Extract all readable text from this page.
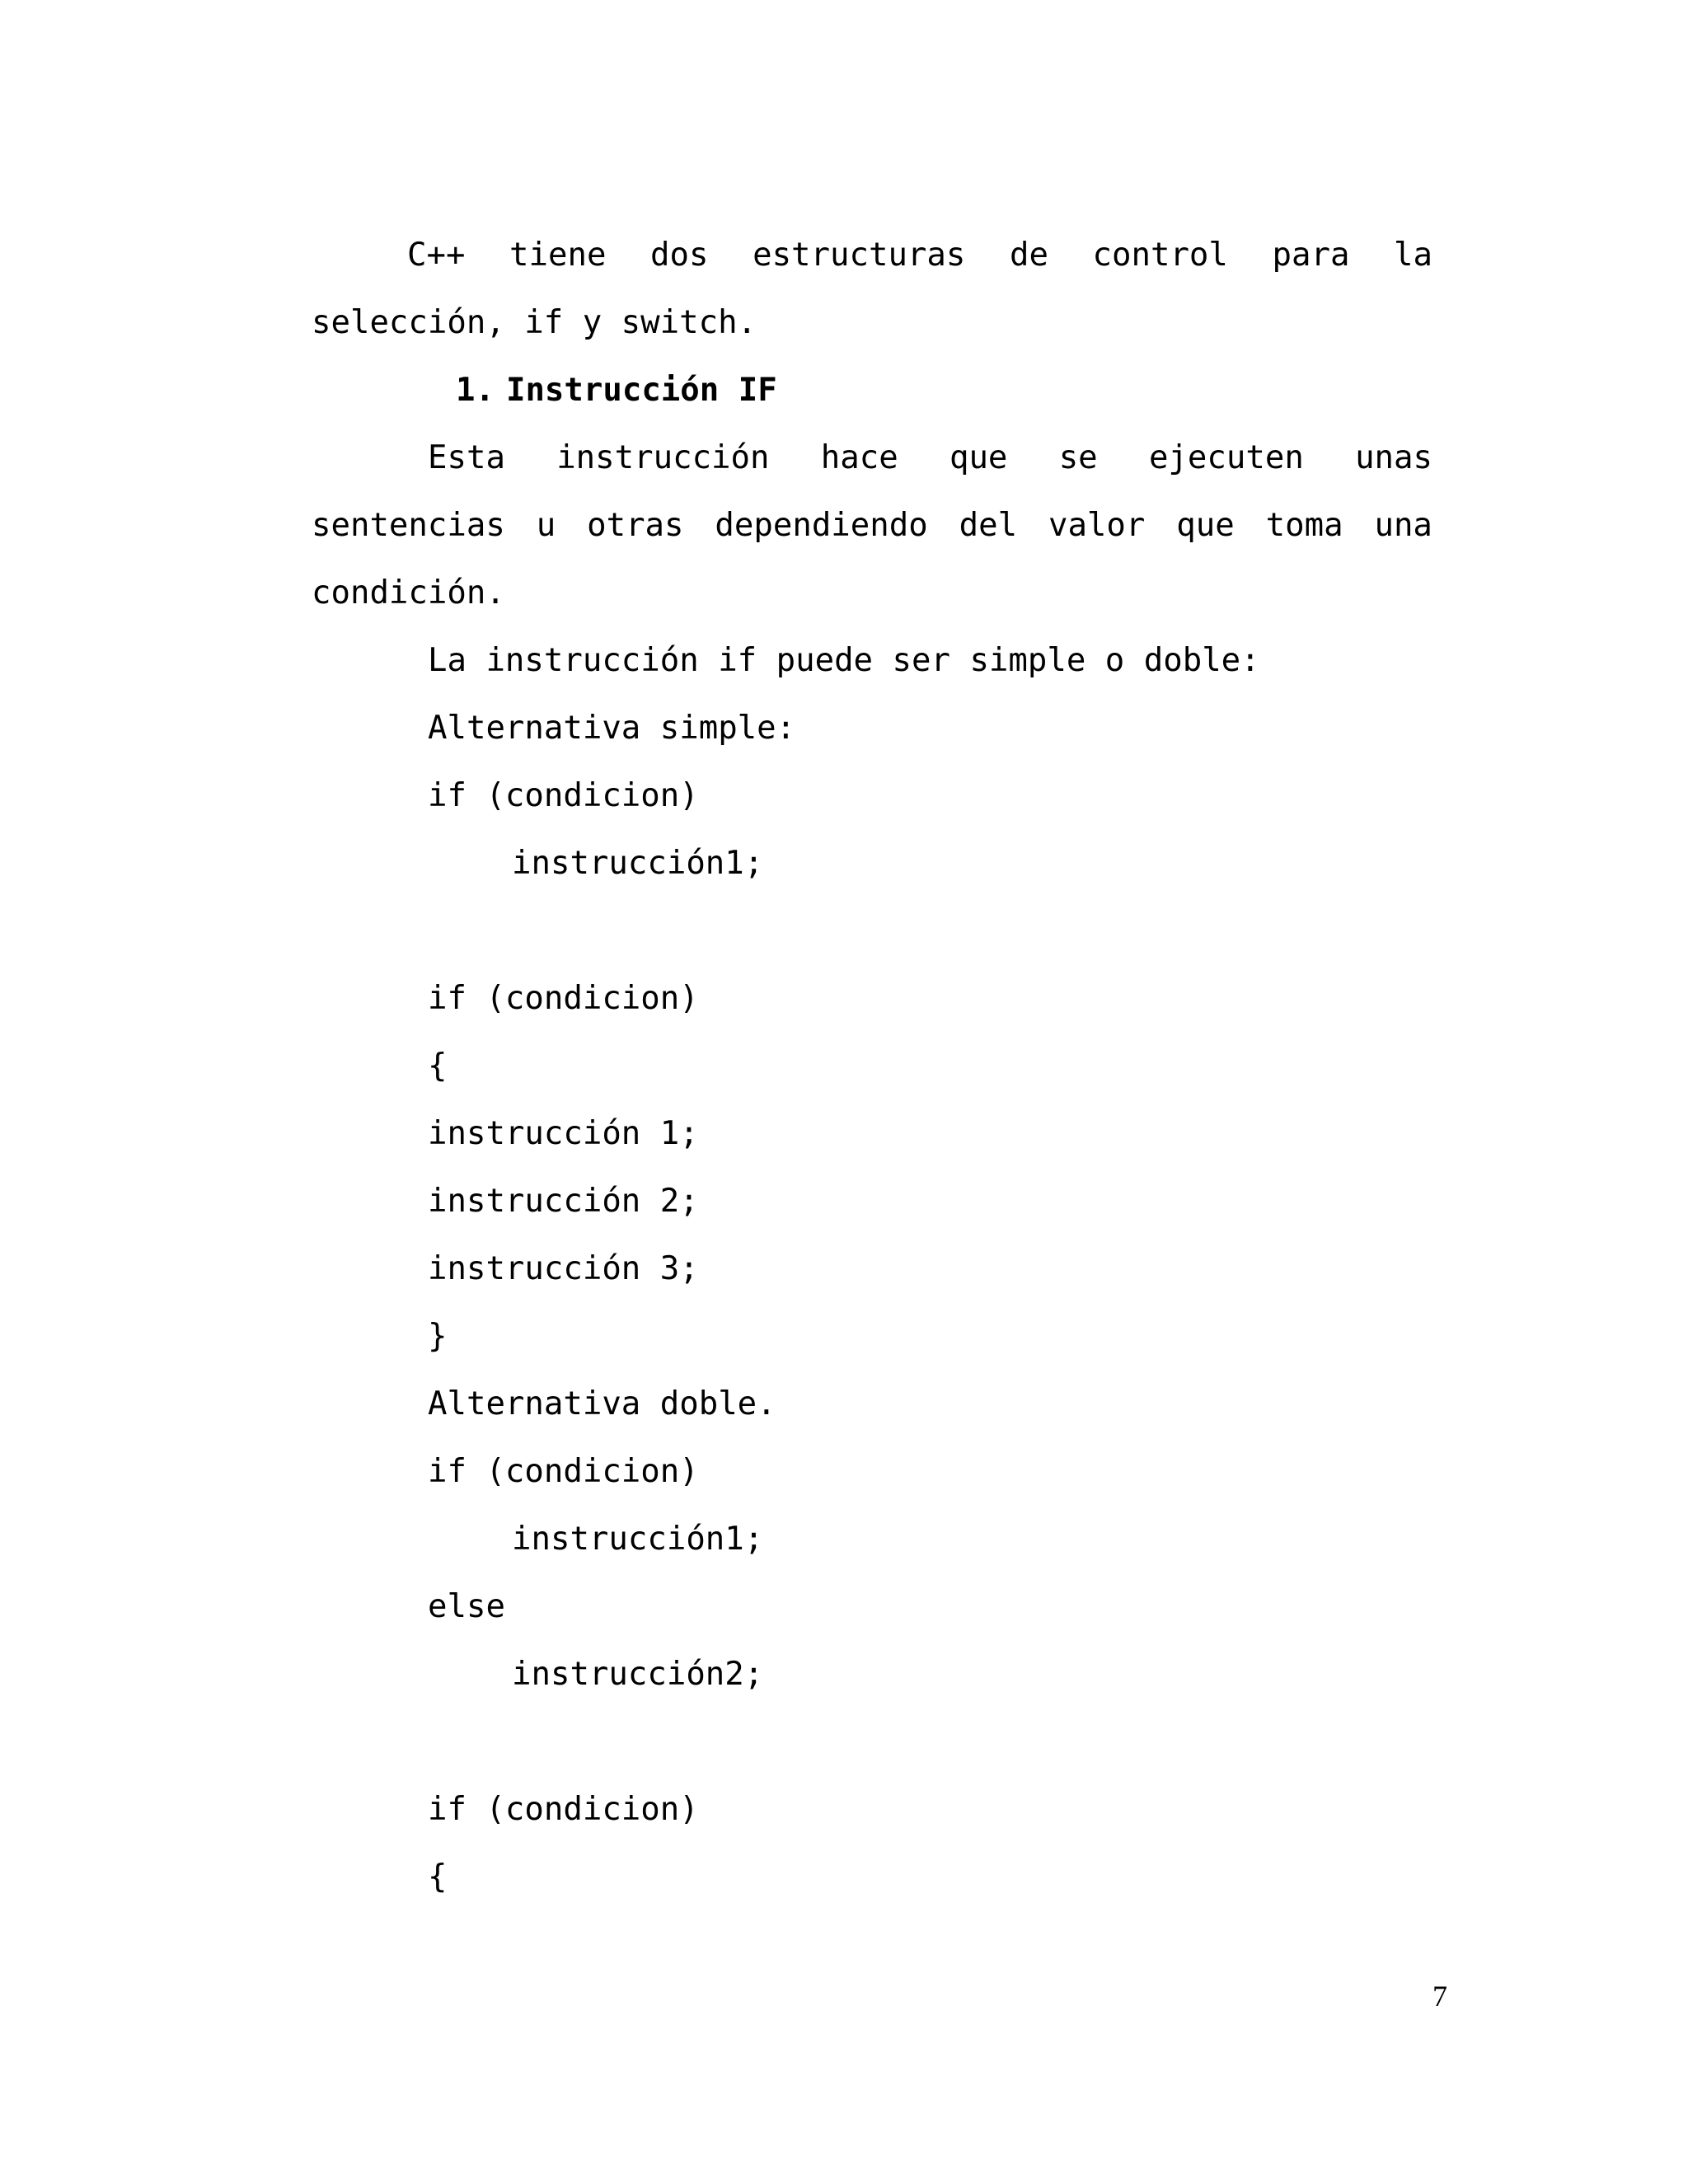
C++ tiene dos estructuras de control para la
selección, if y switch.
1. Instrucción IF
Esta instrucción hace que se ejecuten unas
sentencias u otras dependiendo del valor que toma una
condición.
La instrucción if puede ser simple o doble:
Alternativa simple:
if (condicion)
instrucción1;
if (condicion)
{
instrucción 1;
instrucción 2;
instrucción 3;
}
Alternativa doble.
if (condicion)
instrucción1;
else
instrucción2;
if (condicion)
{
7
